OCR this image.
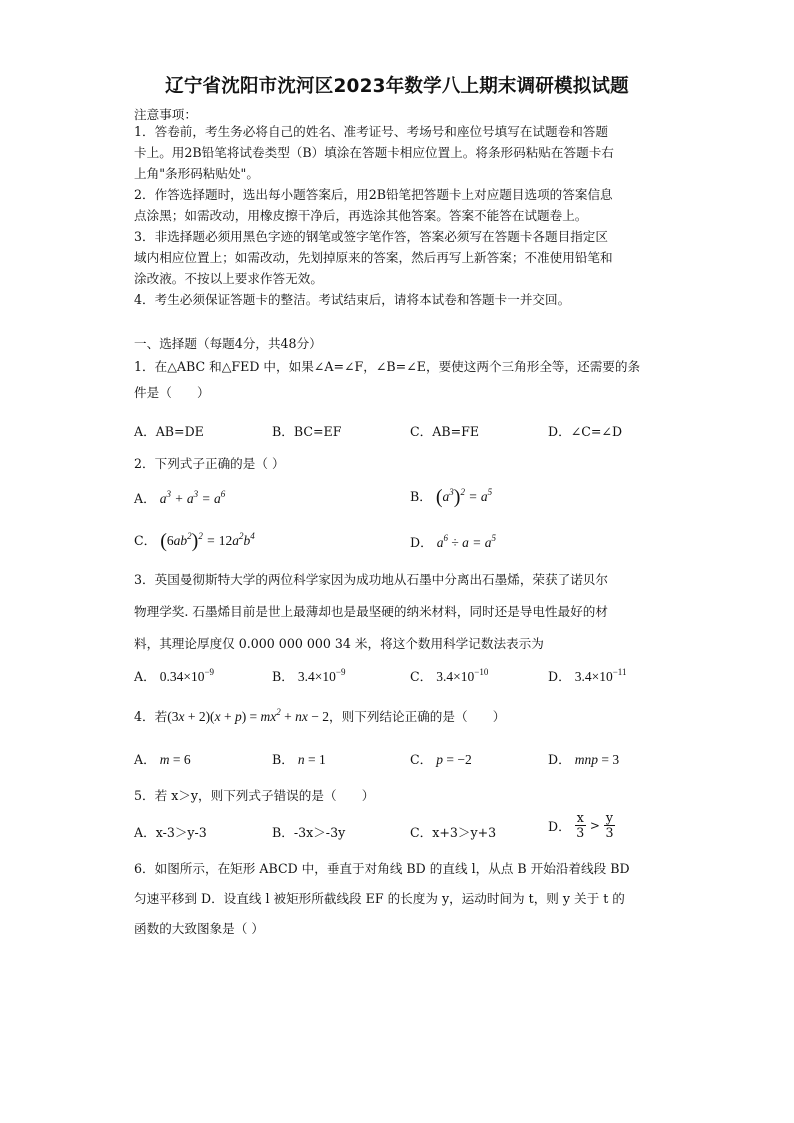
辽宁省沈阳市沈河区2023年数学八上期末调研模拟试题
注意事项：
1．答卷前，考生务必将自己的姓名、准考证号、考场号和座位号填写在试题卷和答题
卡上。用2B铅笔将试卷类型（B）填涂在答题卡相应位置上。将条形码粘贴在答题卡右
上角"条形码粘贴处"。
2．作答选择题时，选出每小题答案后，用2B铅笔把答题卡上对应题目选项的答案信息
点涂黑；如需改动，用橡皮擦干净后，再选涂其他答案。答案不能答在试题卷上。
3．非选择题必须用黑色字迹的钢笔或签字笔作答，答案必须写在答题卡各题目指定区
域内相应位置上；如需改动，先划掉原来的答案，然后再写上新答案；不准使用铅笔和
涂改液。不按以上要求作答无效。
4．考生必须保证答题卡的整洁。考试结束后，请将本试卷和答题卡一并交回。
一、选择题（每题4分，共48分）
1．在△ABC 和△FED 中，如果∠A=∠F，∠B=∠E，要使这两个三角形全等，还需要的条
件是（　　）
A．AB=DE	B．BC=EF	C．AB=FE	D．∠C=∠D
2．下列式子正确的是（ ）
A． $a^3 + a^3 = a^6$	B． $(a^3)^2 = a^5$
C． $(6ab^2)^2 = 12a^2b^4$	D． $a^6 \div a = a^5$
3．英国曼彻斯特大学的两位科学家因为成功地从石墨中分离出石墨烯，荣获了诺贝尔
物理学奖. 石墨烯目前是世上最薄却也是最坚硬的纳米材料，同时还是导电性最好的材
料，其理论厚度仅 0.000 000 000 34 米，将这个数用科学记数法表示为
A． $0.34\times 10^{-9}$	B． $3.4\times 10^{-9}$	C． $3.4\times 10^{-10}$	D． $3.4\times 10^{-11}$
4．若$(3x + 2)(x + p) = mx^2$ + nx − 2，则下列结论正确的是（　　）
A． m = 6	B． n = 1	C． p = −2	D． mnp = 3
5．若 x＞y，则下列式子错误的是（　　）
A．x-3＞y-3	B．-3x＞-3y	C．x+3＞y+3	D． $\frac{x}{3} > \frac{y}{3}$
6．如图所示，在矩形 ABCD 中，垂直于对角线 BD 的直线 l，从点 B 开始沿着线段 BD
匀速平移到 D．设直线 l 被矩形所截线段 EF 的长度为 y，运动时间为 t，则 y 关于 t 的
函数的大致图象是（ ）
